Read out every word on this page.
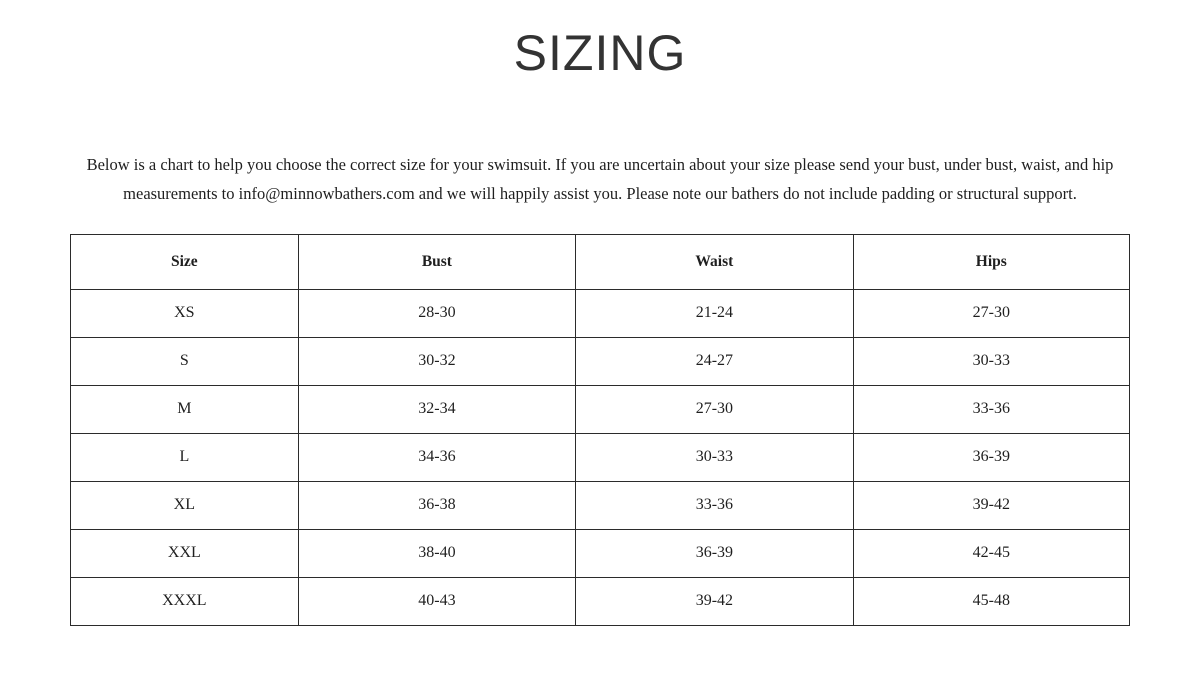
SIZING

Below is a chart to help you choose the correct size for your swimsuit. If you are uncertain about your size please send your bust, under bust, waist, and hip measurements to info@minnowbathers.com and we will happily assist you. Please note our bathers do not include padding or structural support.

Size	Bust	Waist	Hips
XS	28-30	21-24	27-30
S	30-32	24-27	30-33
M	32-34	27-30	33-36
L	34-36	30-33	36-39
XL	36-38	33-36	39-42
XXL	38-40	36-39	42-45
XXXL	40-43	39-42	45-48
